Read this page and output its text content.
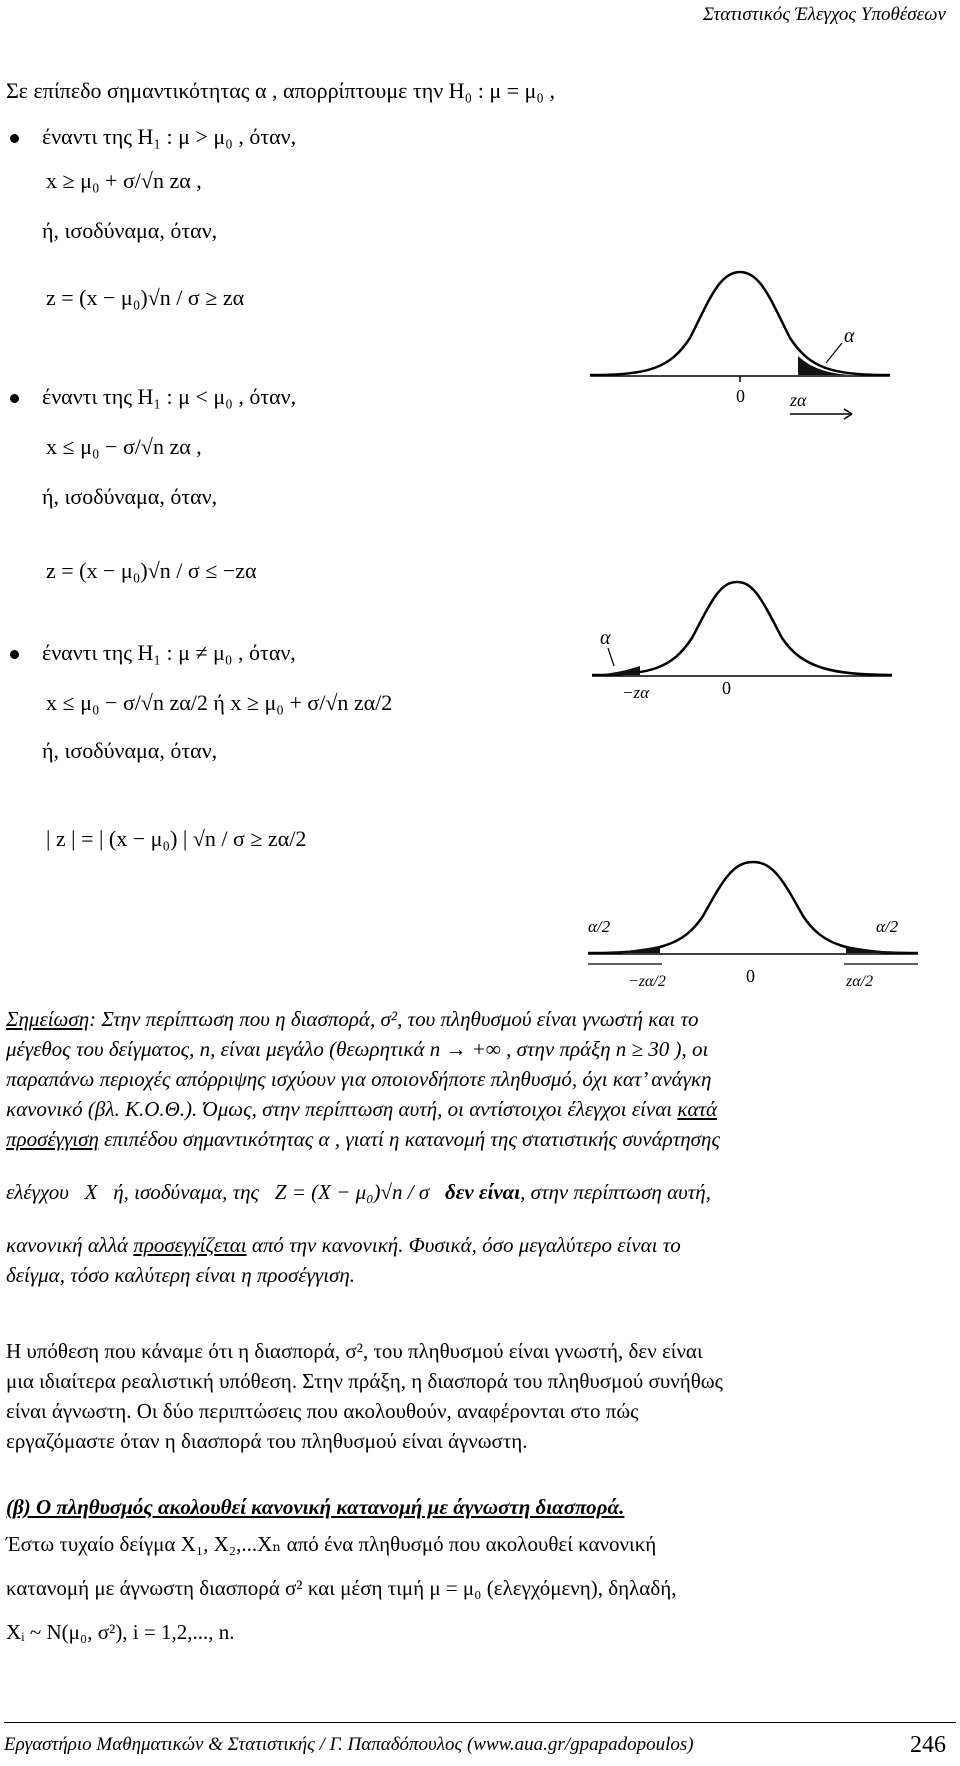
Στατιστικός Έλεγχος Υποθέσεων
Σε επίπεδο σημαντικότητας α , απορρίπτουμε την H₀ : μ = μ₀ ,
έναντι της H₁ : μ > μ₀ , όταν,
x ≥ μ₀ + σ/√n zα ,
ή, ισοδύναμα, όταν,
z = (x − μ₀)√n / σ ≥ zα
έναντι της H₁ : μ < μ₀ , όταν,
x ≤ μ₀ − σ/√n zα ,
ή, ισοδύναμα, όταν,
z = (x − μ₀)√n / σ ≤ −zα
έναντι της H₁ : μ ≠ μ₀ , όταν,
x ≤ μ₀ − σ/√n zα/2 ή x ≥ μ₀ + σ/√n zα/2
ή, ισοδύναμα, όταν,
| z | = | (x − μ₀) | √n / σ ≥ zα/2
α
0	zα
α
−zα	0
α/2	α/2
−zα/2	0	zα/2

Σημείωση: Στην περίπτωση που η διασπορά, σ², του πληθυσμού είναι γνωστή και το

μέγεθος του δείγματος, n, είναι μεγάλο (θεωρητικά n → +∞ , στην πράξη n ≥ 30 ), οι

παραπάνω περιοχές απόρριψης ισχύουν για οποιονδήποτε πληθυσμό, όχι κατ’ ανάγκη

κανονικό (βλ. Κ.Ο.Θ.). Όμως, στην περίπτωση αυτή, οι αντίστοιχοι έλεγχοι είναι κατά

προσέγγιση επιπέδου σημαντικότητας α , γιατί η κατανομή της στατιστικής συνάρτησης

ελέγχου X ή, ισοδύναμα, της Z = (X − μ₀)√n / σ δεν είναι, στην περίπτωση αυτή,

κανονική αλλά προσεγγίζεται από την κανονική. Φυσικά, όσο μεγαλύτερο είναι το

δείγμα, τόσο καλύτερη είναι η προσέγγιση.

Η υπόθεση που κάναμε ότι η διασπορά, σ², του πληθυσμού είναι γνωστή, δεν είναι

μια ιδιαίτερα ρεαλιστική υπόθεση. Στην πράξη, η διασπορά του πληθυσμού συνήθως

είναι άγνωστη. Οι δύο περιπτώσεις που ακολουθούν, αναφέρονται στο πώς

εργαζόμαστε όταν η διασπορά του πληθυσμού είναι άγνωστη.

(β) Ο πληθυσμός ακολουθεί κανονική κατανομή με άγνωστη διασπορά.

Έστω τυχαίο δείγμα X₁, X₂,...Xₙ από ένα πληθυσμό που ακολουθεί κανονική

κατανομή με άγνωστη διασπορά σ² και μέση τιμή μ = μ₀ (ελεγχόμενη), δηλαδή,

Xᵢ ~ N(μ₀, σ²), i = 1,2,..., n.

Εργαστήριο Μαθηματικών & Στατιστικής / Γ. Παπαδόπουλος (www.aua.gr/gpapadopoulos)	246
